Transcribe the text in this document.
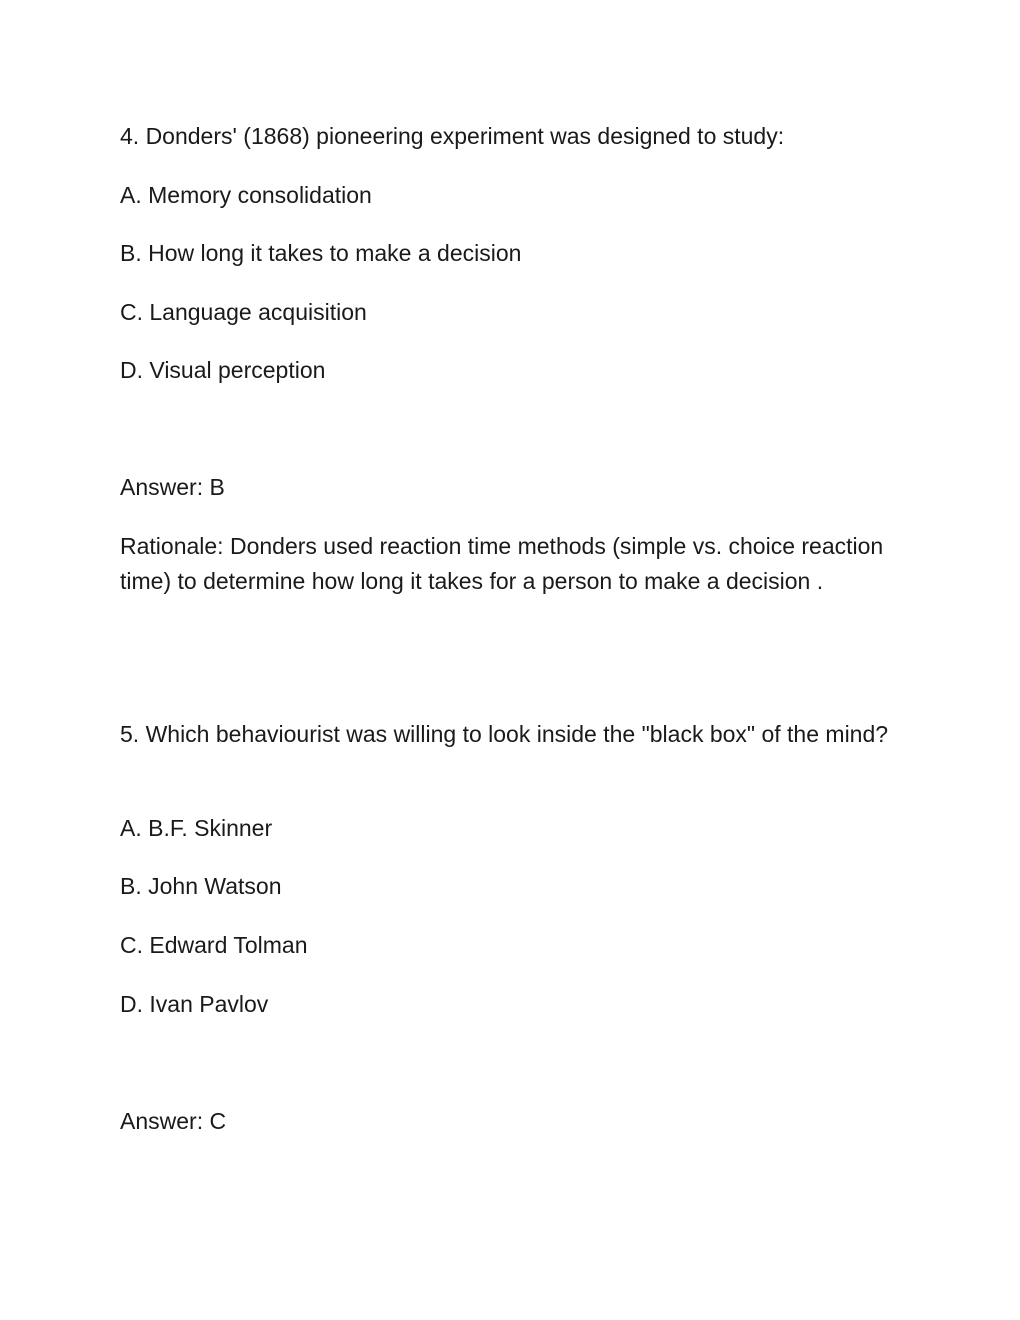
4. Donders' (1868) pioneering experiment was designed to study:

A. Memory consolidation

B. How long it takes to make a decision

C. Language acquisition

D. Visual perception

Answer: B

Rationale: Donders used reaction time methods (simple vs. choice reaction time) to determine how long it takes for a person to make a decision .

5. Which behaviourist was willing to look inside the "black box" of the mind?

A. B.F. Skinner

B. John Watson

C. Edward Tolman

D. Ivan Pavlov

Answer: C
